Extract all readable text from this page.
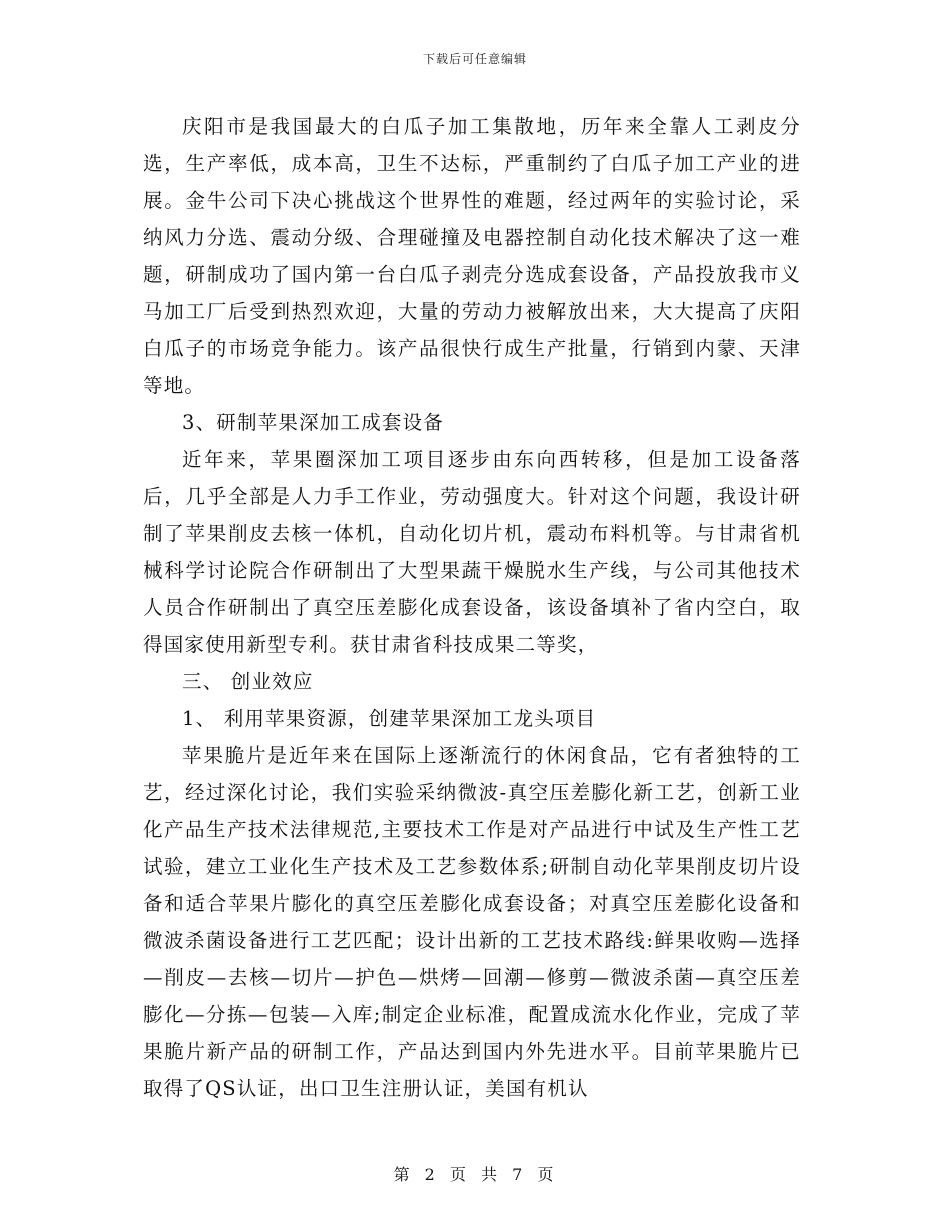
下载后可任意编辑

庆阳市是我国最大的白瓜子加工集散地，历年来全靠人工剥皮分选，生产率低，成本高，卫生不达标，严重制约了白瓜子加工产业的进展。金牛公司下决心挑战这个世界性的难题，经过两年的实验讨论，采纳风力分选、震动分级、合理碰撞及电器控制自动化技术解决了这一难题，研制成功了国内第一台白瓜子剥壳分选成套设备，产品投放我市义马加工厂后受到热烈欢迎，大量的劳动力被解放出来，大大提高了庆阳白瓜子的市场竞争能力。该产品很快行成生产批量，行销到内蒙、天津等地。

3、研制苹果深加工成套设备

近年来，苹果圈深加工项目逐步由东向西转移，但是加工设备落后，几乎全部是人力手工作业，劳动强度大。针对这个问题，我设计研制了苹果削皮去核一体机，自动化切片机，震动布料机等。与甘肃省机械科学讨论院合作研制出了大型果蔬干燥脱水生产线，与公司其他技术人员合作研制出了真空压差膨化成套设备，该设备填补了省内空白，取得国家使用新型专利。获甘肃省科技成果二等奖，

三、 创业效应

1、 利用苹果资源，创建苹果深加工龙头项目

苹果脆片是近年来在国际上逐渐流行的休闲食品，它有者独特的工艺，经过深化讨论，我们实验采纳微波-真空压差膨化新工艺，创新工业化产品生产技术法律规范,主要技术工作是对产品进行中试及生产性工艺试验，建立工业化生产技术及工艺参数体系;研制自动化苹果削皮切片设备和适合苹果片膨化的真空压差膨化成套设备；对真空压差膨化设备和微波杀菌设备进行工艺匹配；设计出新的工艺技术路线:鲜果收购—选择—削皮—去核—切片—护色—烘烤—回潮—修剪—微波杀菌—真空压差膨化—分拣—包装—入库;制定企业标准，配置成流水化作业，完成了苹果脆片新产品的研制工作，产品达到国内外先进水平。目前苹果脆片已取得了QS认证，出口卫生注册认证，美国有机认

第 2 页 共 7 页
